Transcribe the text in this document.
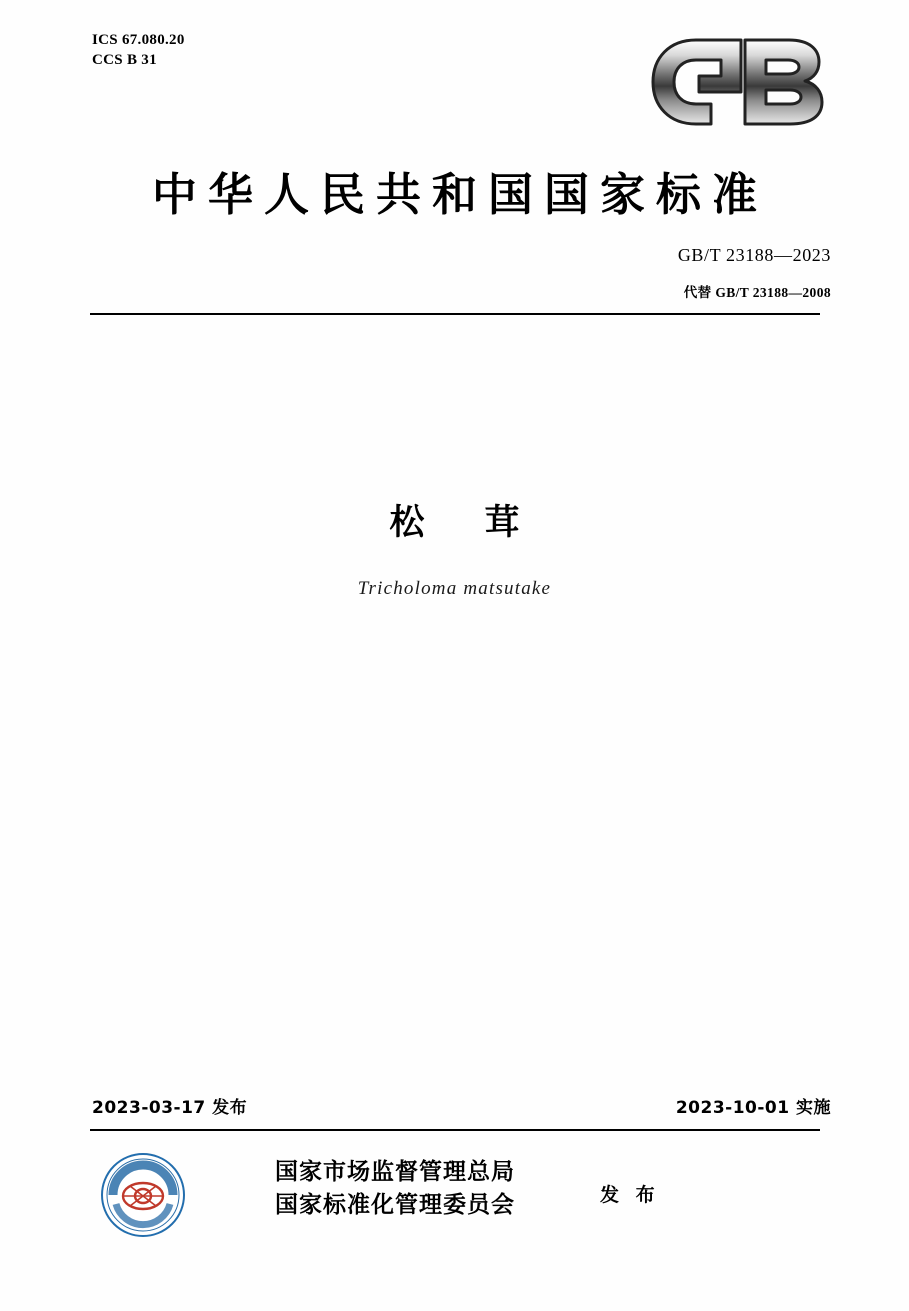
ICS 67.080.20
CCS B 31
中华人民共和国国家标准
GB/T 23188—2023
代替 GB/T 23188—2008
松茸
Tricholoma matsutake
2023-03-17 发布	2023-10-01 实施
国家市场监督管理总局
国家标准化管理委员会	发 布
